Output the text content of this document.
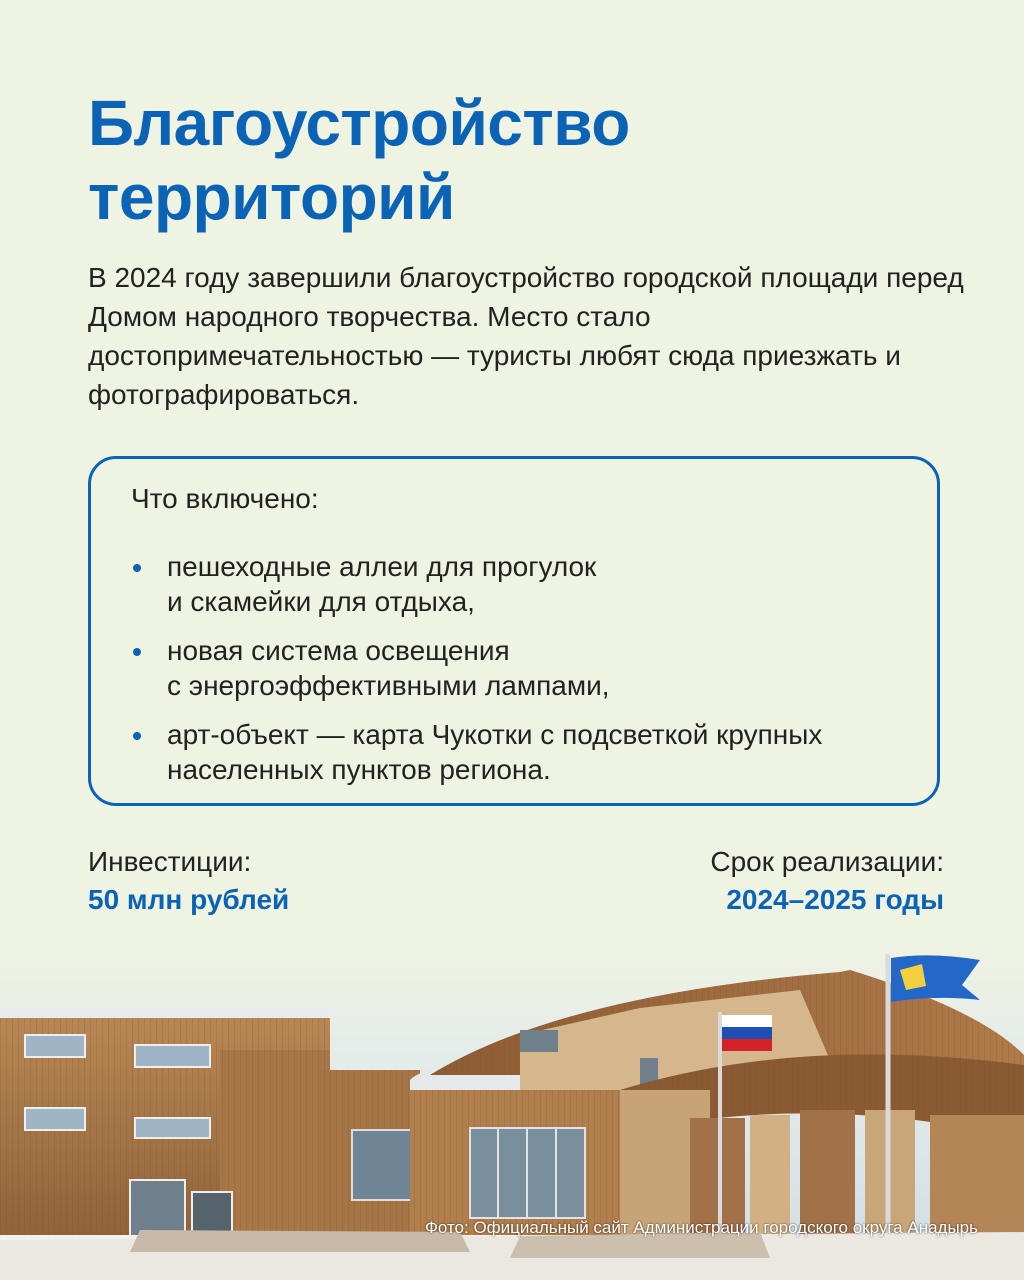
Благоустройство
территорий
В 2024 году завершили благоустройство городской площади перед Домом народного творчества. Место стало достопримечательностью — туристы любят сюда приезжать и фотографироваться.
Что включено:
пешеходные аллеи для прогулок
и скамейки для отдыха,
новая система освещения
с энергоэффективными лампами,
арт-объект — карта Чукотки с подсветкой крупных населенных пунктов региона.
Инвестиции:
50 млн рублей
Срок реализации:
2024–2025 годы
Фото: Официальный сайт Администрации городского округа Анадырь
